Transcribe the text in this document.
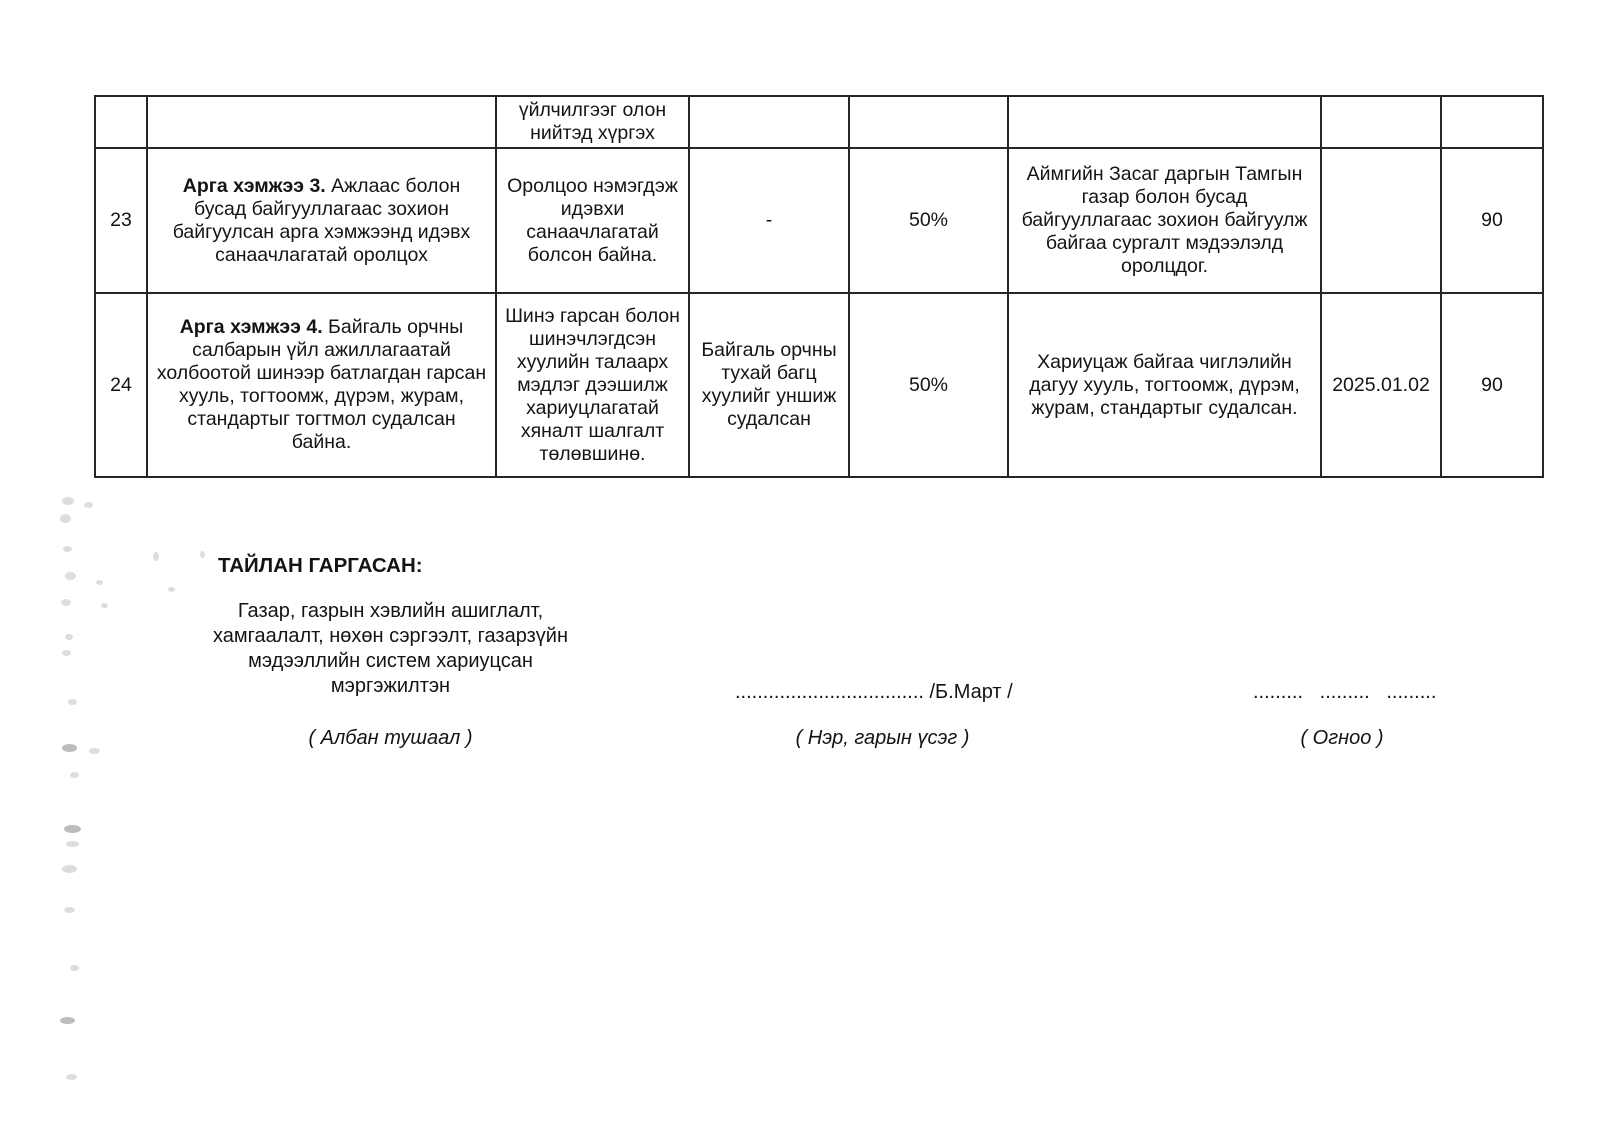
		үйлчилгээг олон нийтэд хүргэх					
23	Арга хэмжээ 3. Ажлаас болон бусад байгууллагаас зохион байгуулсан арга хэмжээнд идэвх санаачлагатай оролцох	Оролцоо нэмэгдэж идэвхи санаачлагатай болсон байна.	-	50%	Аймгийн Засаг даргын Тамгын газар болон бусад байгууллагаас зохион байгуулж байгаа сургалт мэдээлэлд оролцдог.		90
24	Арга хэмжээ 4. Байгаль орчны салбарын үйл ажиллагаатай холбоотой шинээр батлагдан гарсан хууль, тогтоомж, дүрэм, журам, стандартыг тогтмол судалсан байна.	Шинэ гарсан болон шинэчлэгдсэн хуулийн талаарх мэдлэг дээшилж хариуцлагатай хяналт шалгалт төлөвшинө.	Байгаль орчны тухай багц хуулийг уншиж судалсан	50%	Хариуцаж байгаа чиглэлийн дагуу хууль, тогтоомж, дүрэм, журам, стандартыг судалсан.	2025.01.02	90
ТАЙЛАН ГАРГАСАН:
Газар, газрын хэвлийн ашиглалт,
хамгаалалт, нөхөн сэргээлт, газарзүйн
мэдээллийн систем хариуцсан
мэргэжилтэн
( Албан тушаал )
.................................. /Б.Март /
( Нэр, гарын үсэг )
.........   .........   .........
( Огноо )
